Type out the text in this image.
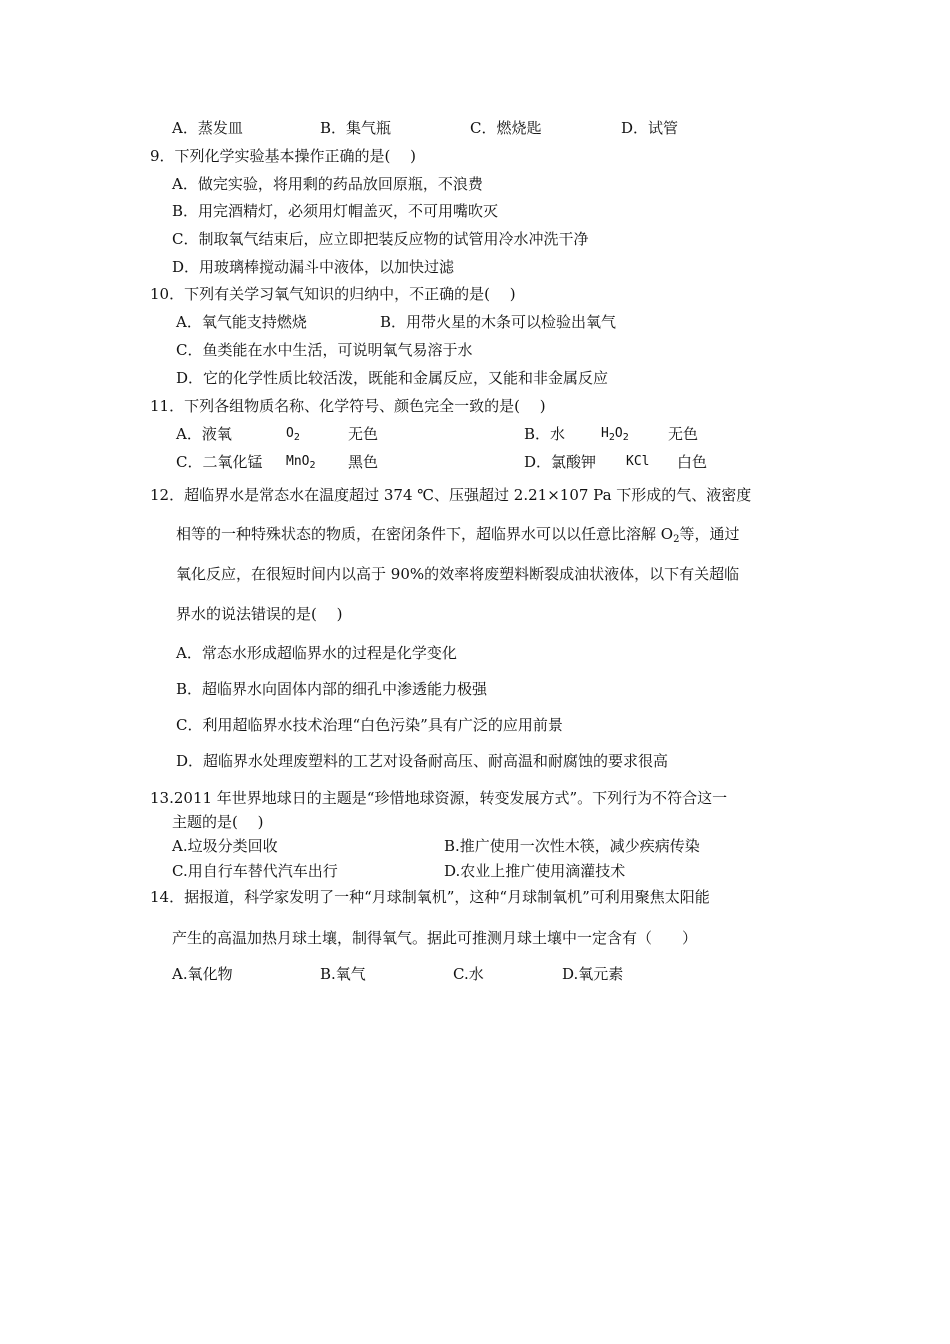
A．蒸发皿	B．集气瓶	C．燃烧匙	D．试管
9．下列化学实验基本操作正确的是(　 )
A．做完实验，将用剩的药品放回原瓶，不浪费
B．用完酒精灯，必须用灯帽盖灭，不可用嘴吹灭
C．制取氧气结束后，应立即把装反应物的试管用冷水冲洗干净
D．用玻璃棒搅动漏斗中液体，以加快过滤
10．下列有关学习氧气知识的归纳中，不正确的是(　 )
A．氧气能支持燃烧	B．用带火星的木条可以检验出氧气
C．鱼类能在水中生活，可说明氧气易溶于水
D．它的化学性质比较活泼，既能和金属反应，又能和非金属反应
11．下列各组物质名称、化学符号、颜色完全一致的是(　 )
A．液氧	$O_2$	无色	B．水	$H_2O_2$	无色
C．二氧化锰 MnO$_2$ 黑色	D．氯酸钾 KCl 白色
12．超临界水是常态水在温度超过 374 ℃、压强超过 2.21×107 Pa 下形成的气、液密度
相等的一种特殊状态的物质，在密闭条件下，超临界水可以以任意比溶解 $O_2$等，通过
氧化反应，在很短时间内以高于 90%的效率将废塑料断裂成油状液体，以下有关超临
界水的说法错误的是(　 )
A．常态水形成超临界水的过程是化学变化
B．超临界水向固体内部的细孔中渗透能力极强
C．利用超临界水技术治理“白色污染”具有广泛的应用前景
D．超临界水处理废塑料的工艺对设备耐高压、耐高温和耐腐蚀的要求很高
13.2011 年世界地球日的主题是“珍惜地球资源，转变发展方式”。下列行为不符合这一
主题的是(　 )
A.垃圾分类回收	B.推广使用一次性木筷，减少疾病传染
C.用自行车替代汽车出行	D.农业上推广使用滴灌技术
14．据报道，科学家发明了一种“月球制氧机”，这种“月球制氧机”可利用聚焦太阳能
产生的高温加热月球土壤，制得氧气。据此可推测月球土壤中一定含有（　　）
A.氧化物	B.氧气	C.水	D.氧元素
